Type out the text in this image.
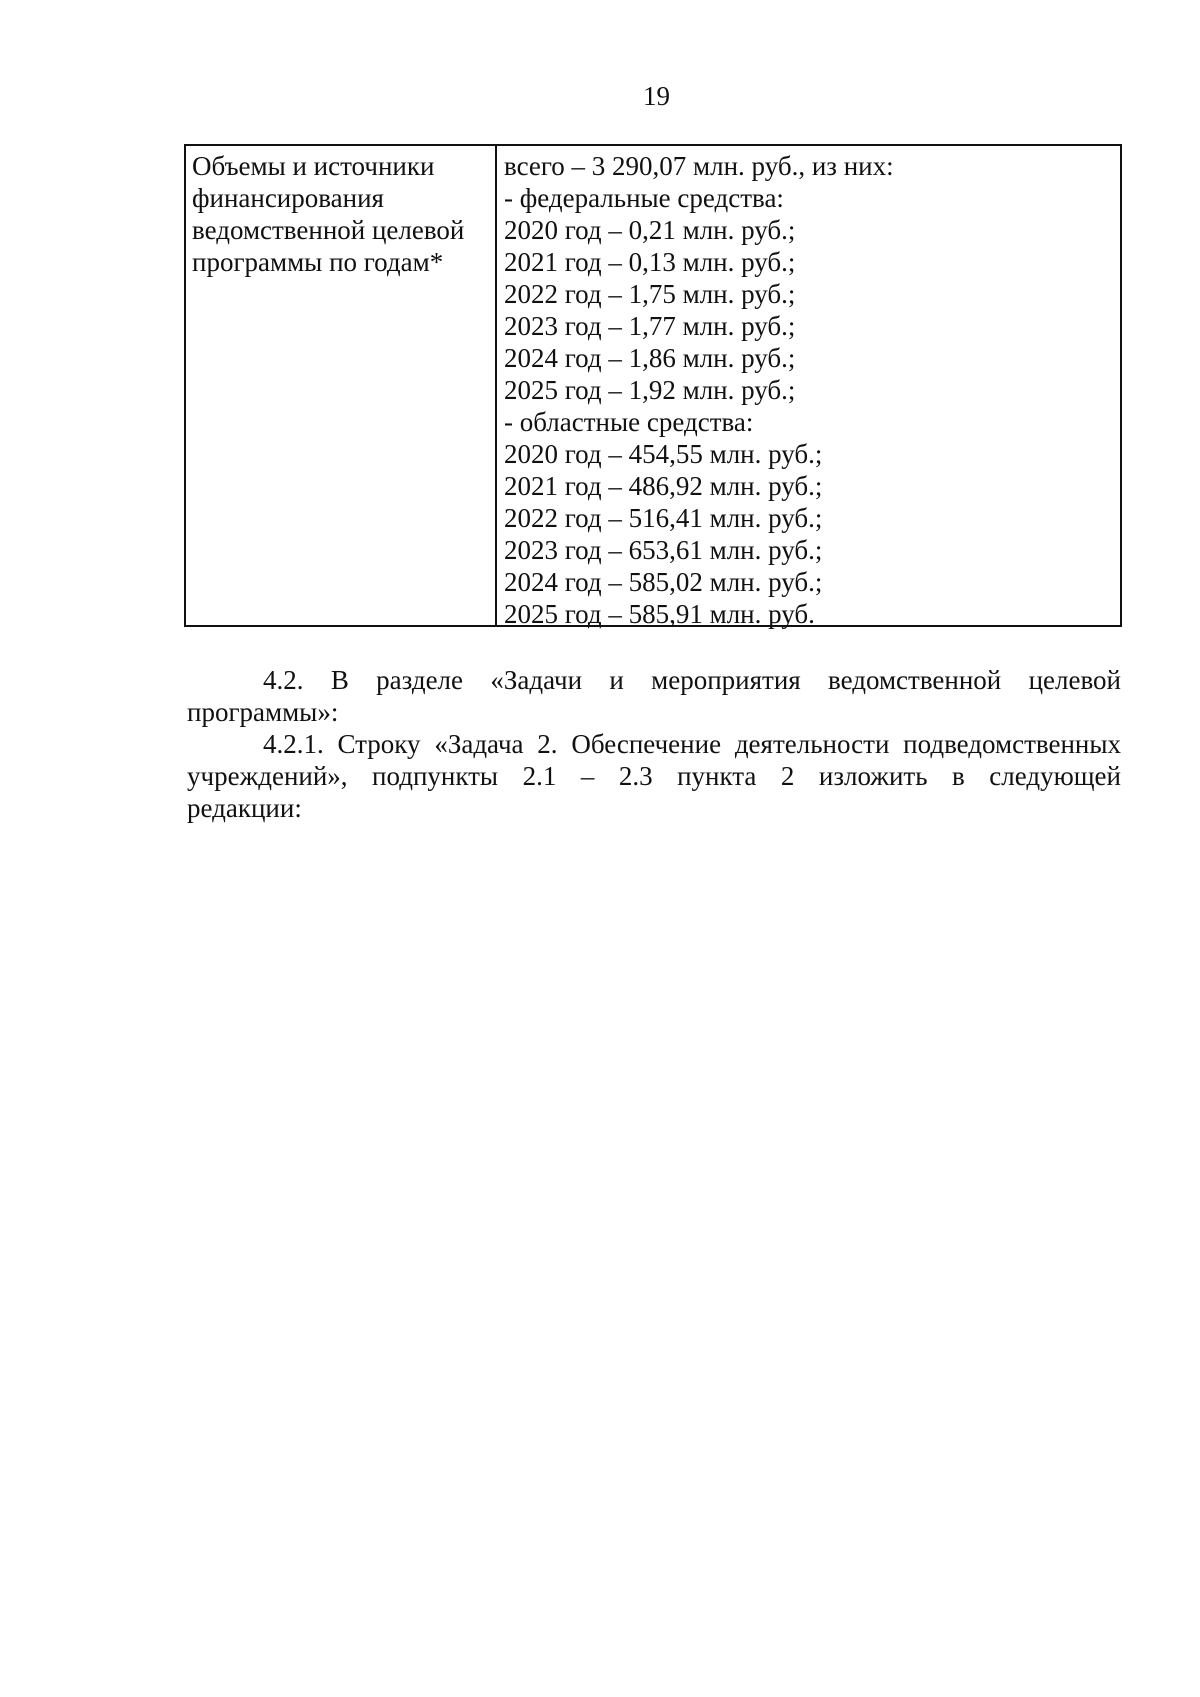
19
Объемы и источники
финансирования
ведомственной целевой
программы по годам*
всего – 3 290,07 млн. руб., из них:
- федеральные средства:
2020 год – 0,21 млн. руб.;
2021 год – 0,13 млн. руб.;
2022 год – 1,75 млн. руб.;
2023 год – 1,77 млн. руб.;
2024 год – 1,86 млн. руб.;
2025 год – 1,92 млн. руб.;
- областные средства:
2020 год – 454,55 млн. руб.;
2021 год – 486,92 млн. руб.;
2022 год – 516,41 млн. руб.;
2023 год – 653,61 млн. руб.;
2024 год – 585,02 млн. руб.;
2025 год – 585,91 млн. руб.
4.2. В разделе «Задачи и мероприятия ведомственной целевой
программы»:
4.2.1. Строку «Задача 2. Обеспечение деятельности подведомственных
учреждений», подпункты 2.1 – 2.3 пункта 2 изложить в следующей
редакции:
